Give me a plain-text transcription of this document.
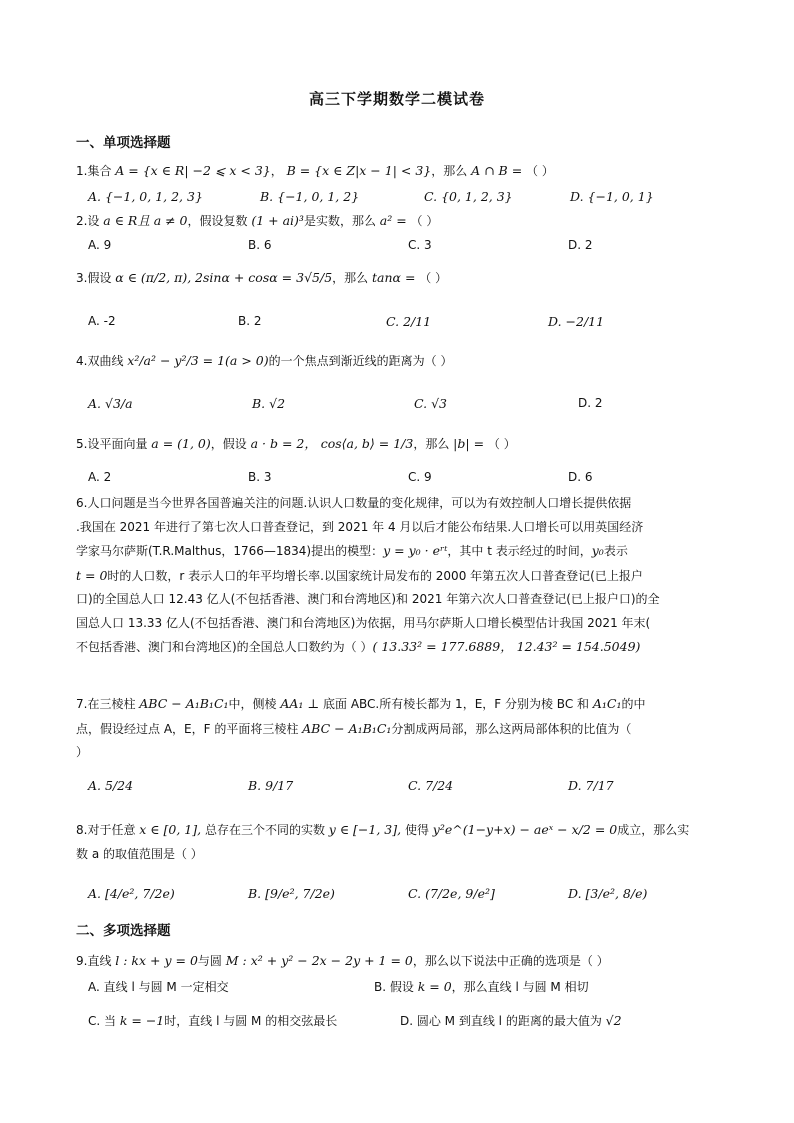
高三下学期数学二模试卷
一、单项选择题
1.集合 A = {x ∈ R| −2 ⩽ x < 3}， B = {x ∈ Z|x − 1| < 3}，那么 A ∩ B = （ ）
A. {−1, 0, 1, 2, 3}	B. {−1, 0, 1, 2}	C. {0, 1, 2, 3}	D. {−1, 0, 1}
2.设 a ∈ R且 a ≠ 0，假设复数 (1 + ai)³是实数，那么 a² = （ ）
A. 9	B. 6	C. 3	D. 2
3.假设 α ∈ (π/2, π), 2sinα + cosα = 3√5/5，那么 tanα = （ ）
A. -2	B. 2	C. 2/11	D. −2/11
4.双曲线 x²/a² − y²/3 = 1(a > 0)的一个焦点到渐近线的距离为（ ）
A. √3/a	B. √2	C. √3	D. 2
5.设平面向量 a = (1, 0)，假设 a · b = 2， cos⟨a, b⟩ = 1/3，那么 |b| = （ ）
A. 2	B. 3	C. 9	D. 6
6.人口问题是当今世界各国普遍关注的问题.认识人口数量的变化规律，可以为有效控制人口增长提供依据
.我国在 2021 年进行了第七次人口普查登记，到 2021 年 4 月以后才能公布结果.人口增长可以用英国经济
学家马尔萨斯(T.R.Malthus，1766—1834)提出的模型：y = y₀ · eʳᵗ，其中 t 表示经过的时间，y₀表示
t = 0时的人口数，r 表示人口的年平均增长率.以国家统计局发布的 2000 年第五次人口普查登记(已上报户
口)的全国总人口 12.43 亿人(不包括香港、澳门和台湾地区)和 2021 年第六次人口普查登记(已上报户口)的全
国总人口 13.33 亿人(不包括香港、澳门和台湾地区)为依据，用马尔萨斯人口增长模型估计我国 2021 年末(
不包括香港、澳门和台湾地区)的全国总人口数约为（ ）( 13.33² = 177.6889， 12.43² = 154.5049)
7.在三棱柱 ABC − A₁B₁C₁中，侧棱 AA₁ ⊥ 底面 ABC.所有棱长都为 1，E，F 分别为棱 BC 和 A₁C₁的中
点，假设经过点 A，E，F 的平面将三棱柱 ABC − A₁B₁C₁分割成两局部，那么这两局部体积的比值为（
）
A. 5/24	B. 9/17	C. 7/24	D. 7/17
8.对于任意 x ∈ [0, 1], 总存在三个不同的实数 y ∈ [−1, 3], 使得 y²e^(1−y+x) − aeˣ − x/2 = 0成立，那么实
数 a 的取值范围是（ ）
A. [4/e², 7/2e)	B. [9/e², 7/2e)	C. (7/2e, 9/e²]	D. [3/e², 8/e)
二、多项选择题
9.直线 l : kx + y = 0与圆 M : x² + y² − 2x − 2y + 1 = 0，那么以下说法中正确的选项是（ ）
A. 直线 l 与圆 M 一定相交	B. 假设 k = 0，那么直线 l 与圆 M 相切
C. 当 k = −1时，直线 l 与圆 M 的相交弦最长	D. 圆心 M 到直线 l 的距离的最大值为 √2
